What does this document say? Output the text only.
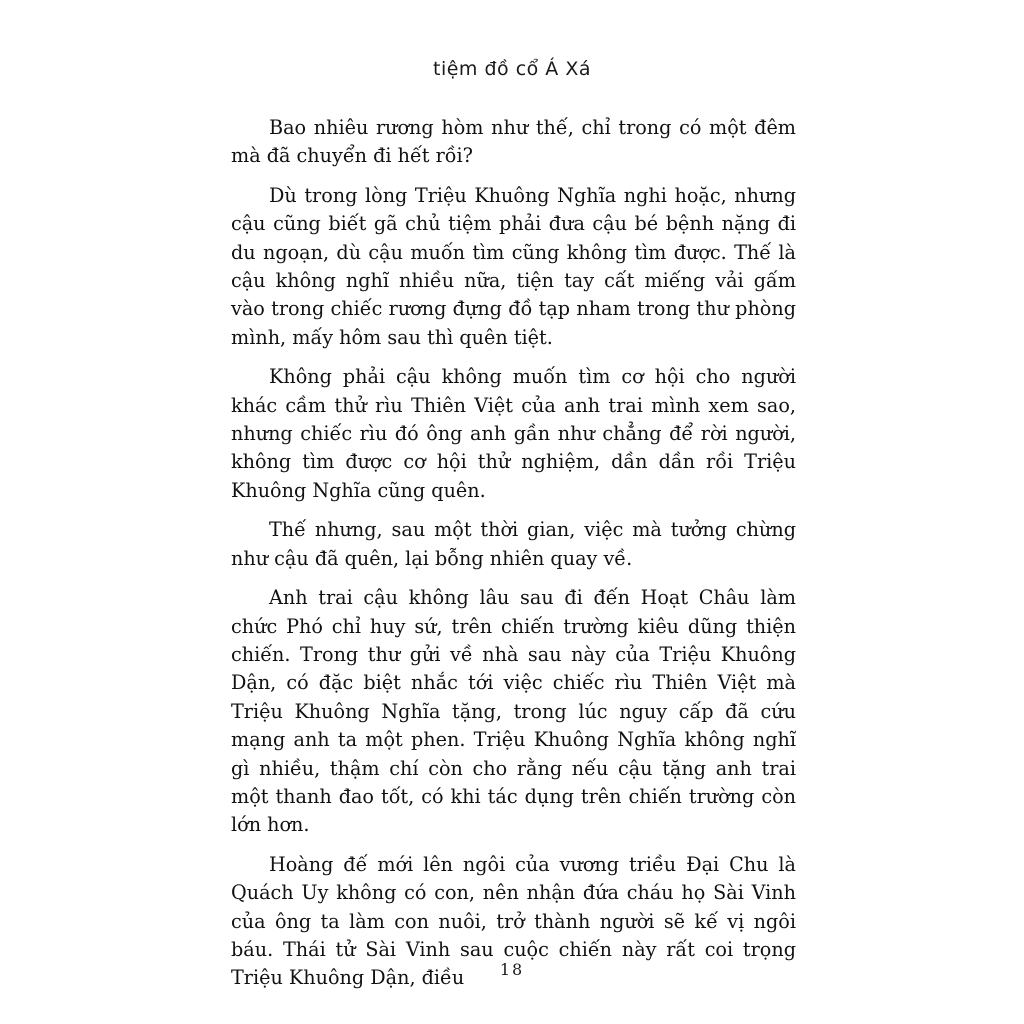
tiệm đồ cổ Á Xá

Bao nhiêu rương hòm như thế, chỉ trong có một đêm mà đã chuyển đi hết rồi?

Dù trong lòng Triệu Khuông Nghĩa nghi hoặc, nhưng cậu cũng biết gã chủ tiệm phải đưa cậu bé bệnh nặng đi du ngoạn, dù cậu muốn tìm cũng không tìm được. Thế là cậu không nghĩ nhiều nữa, tiện tay cất miếng vải gấm vào trong chiếc rương đựng đồ tạp nham trong thư phòng mình, mấy hôm sau thì quên tiệt.

Không phải cậu không muốn tìm cơ hội cho người khác cầm thử rìu Thiên Việt của anh trai mình xem sao, nhưng chiếc rìu đó ông anh gần như chẳng để rời người, không tìm được cơ hội thử nghiệm, dần dần rồi Triệu Khuông Nghĩa cũng quên.

Thế nhưng, sau một thời gian, việc mà tưởng chừng như cậu đã quên, lại bỗng nhiên quay về.

Anh trai cậu không lâu sau đi đến Hoạt Châu làm chức Phó chỉ huy sứ, trên chiến trường kiêu dũng thiện chiến. Trong thư gửi về nhà sau này của Triệu Khuông Dận, có đặc biệt nhắc tới việc chiếc rìu Thiên Việt mà Triệu Khuông Nghĩa tặng, trong lúc nguy cấp đã cứu mạng anh ta một phen. Triệu Khuông Nghĩa không nghĩ gì nhiều, thậm chí còn cho rằng nếu cậu tặng anh trai một thanh đao tốt, có khi tác dụng trên chiến trường còn lớn hơn.

Hoàng đế mới lên ngôi của vương triều Đại Chu là Quách Uy không có con, nên nhận đứa cháu họ Sài Vinh của ông ta làm con nuôi, trở thành người sẽ kế vị ngôi báu. Thái tử Sài Vinh sau cuộc chiến này rất coi trọng Triệu Khuông Dận, điều	18
